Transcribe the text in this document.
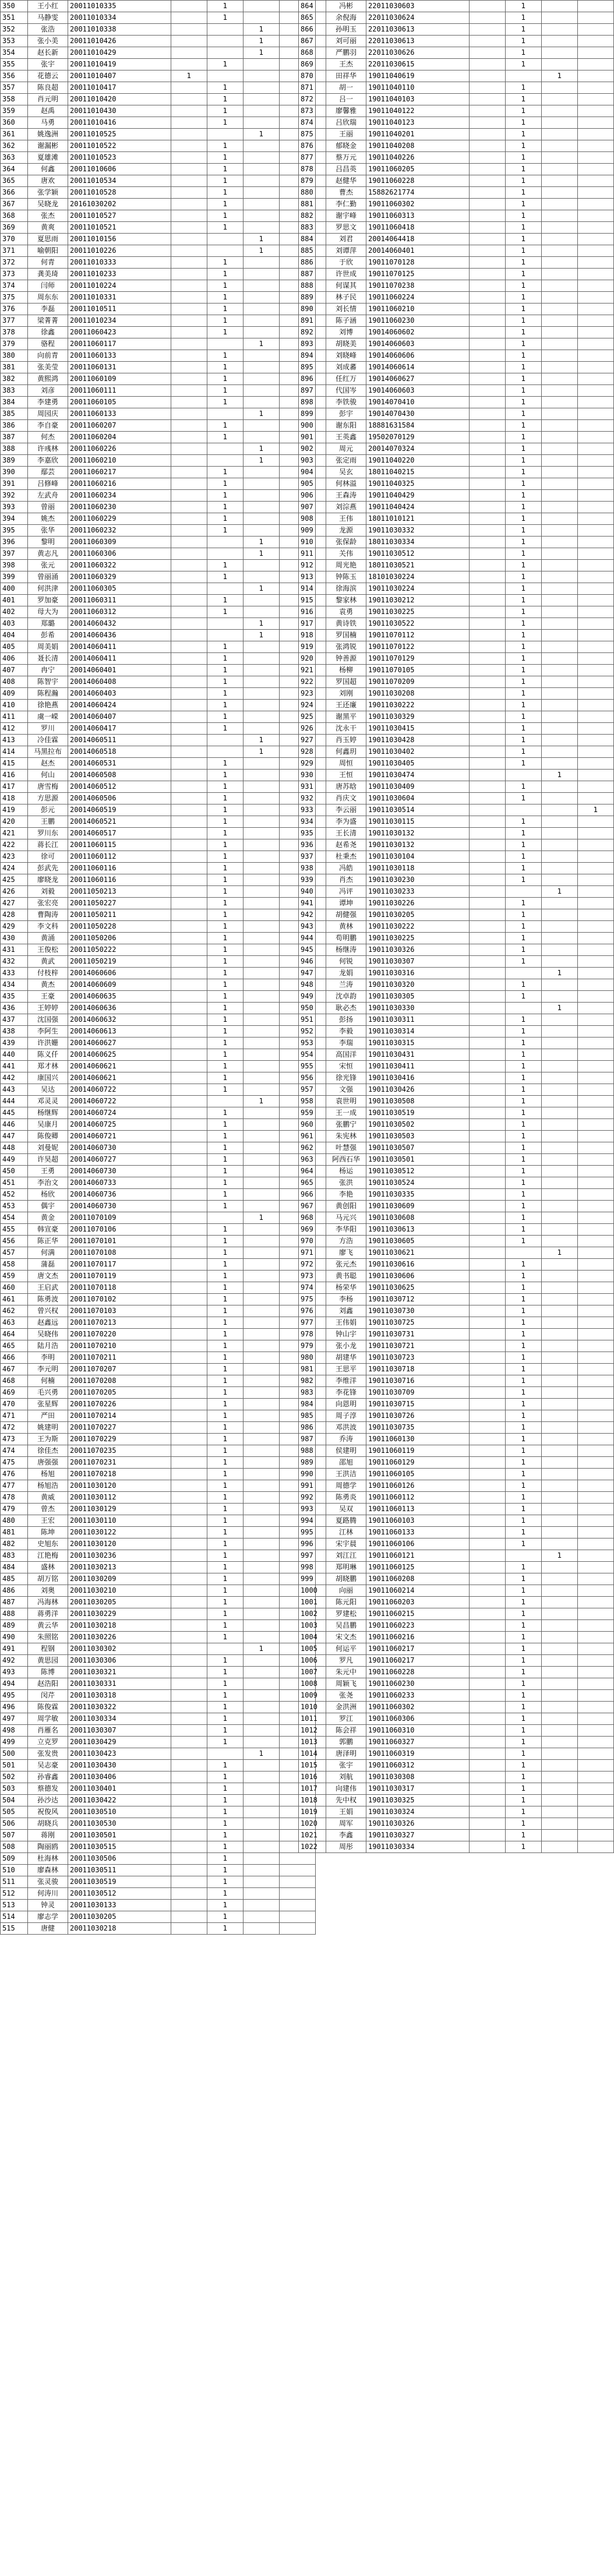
350	王小红	20011010335		1		
351	马静雯	20011010334		1		
352	张浩	20011010338			1	
353	张小美	20011010426			1	
354	赵长新	20011010429			1	
355	张宇	20011010419		1		
356	花德云	20011010407	1			
357	陈良超	20011010417		1		
358	肖元明	20011010420		1		
359	赵禹	20011010430		1		
360	马勇	20011010416		1		
361	姚逸洲	20011010525			1	
362	谢漏彬	20011010522		1		
363	夏雄滩	20011010523		1		
364	何鑫	20011010606		1		
365	唐欢	20011010534		1		
366	张学颖	20011010528		1		
367	吴晓龙	20161030202		1		
368	张杰	20011010527		1		
369	黄爽	20011010521		1		
370	夏思雨	20011010156			1	
371	喻朝阳	20011010226			1	
372	何青	20011010333		1		
373	龚美琦	20011010233		1		
374	闫师	20011010224		1		
375	周东东	20011010331		1		
376	李磊	20011010511		1		
377	梁菁菁	20011010234		1		
378	徐鑫	20011060423		1		
379	骆程	20011060117			1	
380	向前青	20011060133		1		
381	张美莹	20011060131		1		
382	黄熙鸿	20011060109		1		
383	刘彦	20011060111		1		
384	李建勇	20011060105		1		
385	周园庆	20011060133			1	
386	李自豪	20011060207		1		
387	何杰	20011060204		1		
388	许彧林	20011060226			1	
389	李嘉欣	20011060210			1	
390	鄢芸	20011060217		1		
391	吕修峰	20011060216		1		
392	左武舟	20011060234		1		
393	曾丽	20011060230		1		
394	姚杰	20011060229		1		
395	张华	20011060232		1		
396	黎明	20011060309			1	
397	黄志凡	20011060306			1	
398	张元	20011060322		1		
399	曾丽涌	20011060329		1		
400	何洪津	20011060305			1	
401	罗加豪	20011060311		1		
402	母大为	20011060312		1		
403	郑璐	20014060432			1	
404	彭希	20014060436			1	
405	周美娟	20014060411		1		
406	聂长清	20014060411		1		
407	冉宁	20014060401		1		
408	陈智宇	20014060408		1		
409	陈程瀚	20014060403		1		
410	徐艳燕	20014060424		1		
411	虞一嵘	20014060407		1		
412	罗川	20014060417		1		
413	冷佳霖	20014060511			1	
414	马黑拉布	20014060518			1	
415	赵杰	20014060531		1		
416	何山	20014060508		1		
417	唐雪梅	20014060512		1		
418	方思源	20014060506		1		
419	彭元	20014060519		1		
420	王鹏	20014060521		1		
421	罗川东	20014060517		1		
422	蒋长江	20011060115		1		
423	徐可	20011060112		1		
424	彭武先	20011060116		1		
425	廖晓龙	20011060116		1		
426	刘毅	20011050213		1		
427	张宏亮	20011050227		1		
428	曹陶涛	20011050211		1		
429	李文科	20011050228		1		
430	黄涌	20011050206		1		
431	王俊松	20011050222		1		
432	黄武	20011050219		1		
433	付枝梓	20014060606		1		
434	黄杰	20014060609		1		
435	王豪	20014060635		1		
436	王婷婷	20014060636		1		
437	沈国强	20014060632		1		
438	李阿生	20014060613		1		
439	许洪姗	20014060627		1		
440	陈义仟	20014060625		1		
441	郑才林	20014060621		1		
442	康国兴	20014060621		1		
443	吴达	20014060722		1		
444	邓灵灵	20014060722			1	
445	杨继辉	20014060724		1		
446	吴康月	20014060725		1		
447	陈俊卿	20014060721		1		
448	刘曼妮	20014060730		1		
449	许昊超	20014060727		1		
450	王勇	20014060730		1		
451	李治文	20014060733		1		
452	杨欣	20014060736		1		
453	偶宇	20014060730		1		
454	黄金	20011070109			1	
455	韩宣豪	20011070106		1		
456	陈正华	20011070101		1		
457	何满	20011070108		1		
458	蒲磊	20011070117		1		
459	唐文杰	20011070119		1		
460	王启武	20011070118		1		
461	陈勇波	20011070102		1		
462	曾兴权	20011070103		1		
463	赵鑫远	20011070213		1		
464	吴晓伟	20011070220		1		
465	陆月浩	20011070210		1		
466	李明	20011070211		1		
467	李元明	20011070207		1		
468	何楠	20011070208		1		
469	毛兴勇	20011070205		1		
470	张星辉	20011070226		1		
471	严田	20011070214		1		
472	姚建明	20011070227		1		
473	王为斯	20011070229		1		
474	徐佳杰	20011070235		1		
475	唐强强	20011070231		1		
476	杨旭	20011070218		1		
477	杨旭浩	20011030120		1		
478	黄威	20011030112		1		
479	曾杰	20011030129		1		
480	王宏	20011030110		1		
481	陈坤	20011030122		1		
482	史旭东	20011030120		1		
483	江艳梅	20011030236		1		
484	盛林	20011030213		1		
485	胡万铭	20011030209		1		
486	刘奥	20011030210		1		
487	冯海林	20011030205		1		
488	蒋勇洋	20011030229		1		
489	黄云华	20011030218		1		
490	朱照铭	20011030226		1		
491	程钢	20011030302			1	
492	黄思园	20011030306		1		
493	陈博	20011030321		1		
494	赵浩阳	20011030331		1		
495	闵芹	20011030318		1		
496	陈俊霖	20011030322		1		
497	周学敏	20011030334		1		
498	肖雁名	20011030307		1		
499	立克罗	20011030429		1		
500	张发贵	20011030423			1	
501	吴志豪	20011030430		1		
502	孙睿鑫	20011030406		1		
503	蔡德发	20011030401		1		
504	孙沙达	20011030422		1		
505	祝俊风	20011030510		1		
506	胡晓兵	20011030530		1		
507	蒋刚	20011030501		1		
508	陶丽鸥	20011030515		1		
509	杜海林	20011030506		1		
510	廖森林	20011030511		1		
511	张灵骏	20011030519		1		
512	何涛川	20011030512		1		
513	钟灵	20011030133		1		
514	廖志学	20011030205		1		
515	唐健	20011030218		1		
864	冯彬	22011030603		1		
865	余倪海	22011030624		1		
866	孙明玉	22011030613		1		
867	刘可丽	22011030613		1		
868	严鹏羽	22011030626		1		
869	王杰	22011030615		1		
870	田祥华	19011040619			1	
871	胡一	19011040110		1		
872	吕一	19011040103		1		
873	廖馨雅	19011040122		1		
874	吕欣瑞	19011040123		1		
875	王丽	19011040201		1		
876	郁晓金	19011040208		1		
877	蔡万元	19011040226		1		
878	吕昌英	19011060205		1		
879	赵健华	19011060228		1		
880	曹杰	15882621774		1		
881	李仁勤	19011060302		1		
882	谢宇峰	19011060313		1		
883	罗思文	19011060418		1		
884	刘君	20014064418		1		
885	刘谭萍	20014060401		1		
886	于欣	19011070128		1		
887	许世成	19011070125		1		
888	何谋其	19011070238		1		
889	林子民	19011060224		1		
890	刘长情	19011060210		1		
891	陈子涵	19011060230		1		
892	刘博	19014060602		1		
893	胡晓美	19014060603		1		
894	刘晓峰	19014060606		1		
895	刘成蕃	19014060614		1		
896	任红万	19014060627		1		
897	代国岑	19014060603		1		
898	李铁骏	19014070410		1		
899	彭宇	19014070430		1		
900	谢东阳	18881631584		1		
901	王英鑫	19502070129		1		
902	周元	20014070324		1		
903	张定雨	19011040220		1		
904	吴玄	18011040215		1		
905	何林溢	19011040325		1		
906	王森涛	19011040429		1		
907	刘淙燕	19011040424		1		
908	王伟	18011010121		1		
909	龙源	19011030332		1		
910	张保龄	18011030334		1		
911	关伟	19011030512		1		
912	周光艳	18011030521		1		
913	钟陈玉	18101030224		1		
914	徐海滨	19011030224		1		
915	黎家林	19011030212		1		
916	袁勇	19011030225		1		
917	黄诗铁	19011030522		1		
918	罗国楠	19011070112		1		
919	张鸿锐	19011070122		1		
920	钟善源	19011070129		1		
921	杨柳	19011070105		1		
922	罗国超	19011070209		1		
923	刘刚	19011030208		1		
924	王还廉	19011030222		1		
925	谢黑平	19011030329		1		
926	沈永干	19011030415		1		
927	肖玉婷	19011030428		1		
928	何鑫玥	19011030402		1		
929	周恒	19011030405		1		
930	王恒	19011030474			1	
931	唐苏晗	19011030409		1		
932	肖庆文	19011030604		1		
933	李云丽	19011030514				1
934	李为盛	19011030115		1		
935	王长清	19011030132		1		
936	赵希尧	19011030132		1		
937	杜秉杰	19011030104		1		
938	冯皓	19011030118		1		
939	肖杰	19011030230		1		
940	冯评	19011030233			1	
941	谭坤	19011030226		1		
942	胡健强	19011030205		1		
943	黄林	19011030222		1		
944	苟明鹏	19011030225		1		
945	杨继涛	19011030326		1		
946	何锐	19011030307		1		
947	龙娟	19011030316			1	
948	兰涛	19011030320		1		
949	沈卓韵	19011030305		1		
950	耿必杰	19011030330			1	
951	彭扬	19011030311		1		
952	李毅	19011030314		1		
953	李瑞	19011030315		1		
954	高国洋	19011030431		1		
955	宋恒	19011030411		1		
956	徐光锋	19011030416		1		
957	文强	19011030426		1		
958	袁世明	19011030508		1		
959	王一成	19011030519		1		
960	张鹏宁	19011030502		1		
961	朱宪林	19011030503		1		
962	叶慧强	19011030507		1		
963	阿西石华	19011030501		1		
964	杨运	19011030512		1		
965	张洪	19011030524		1		
966	李艳	19011030335		1		
967	黄创阳	19011030609		1		
968	马元兴	19011030608		1		
969	李华阳	19011030613		1		
970	方浩	19011030605		1		
971	廖飞	19011030621			1	
972	张元杰	19011030616		1		
973	黄书聪	19011030606		1		
974	杨荣华	19011030625		1		
975	李杨	19011030712		1		
976	刘鑫	19011030730		1		
977	王伟娟	19011030725		1		
978	钟山宇	19011030731		1		
979	张小龙	19011030721		1		
980	胡建华	19011030723		1		
981	王思平	19011030718		1		
982	李维洋	19011030716		1		
983	李花锋	19011030709		1		
984	向恩明	19011030715		1		
985	周子淳	19011030726		1		
986	邓洪波	19011030735		1		
987	乔涛	19011060130		1		
988	侯建明	19011060119		1		
989	邵旭	19011060129		1		
990	王洪洁	19011060105		1		
991	周德学	19011060126		1		
992	陈勇炎	19011060112		1		
993	吴双	19011060113		1		
994	夏路腾	19011060103		1		
995	江林	19011060133		1		
996	宋宇晨	19011060106		1		
997	刘江江	19011060121			1	
998	郑明琳	19011060125		1		
999	胡晓鹏	19011060208		1		
1000	向丽	19011060214		1		
1001	陈元阳	19011060203		1		
1002	罗建松	19011060215		1		
1003	吴昌鹏	19011060223		1		
1004	宋文杰	19011060216		1		
1005	何运平	19011060217		1		
1006	罗凡	19011060217		1		
1007	朱元中	19011060228		1		
1008	周颖飞	19011060230		1		
1009	张尧	19011060233		1		
1010	金洪洲	19011060302		1		
1011	罗江	19011060306		1		
1012	陈会祥	19011060310		1		
1013	郭鹏	19011060327		1		
1014	唐泽明	19011060319		1		
1015	张宇	19011060312		1		
1016	刘航	19011030308		1		
1017	向建伟	19011030317		1		
1018	先中权	19011030325		1		
1019	王娟	19011030324		1		
1020	周军	19011030326		1		
1021	李鑫	19011030327		1		
1022	周彤	19011030334		1		
